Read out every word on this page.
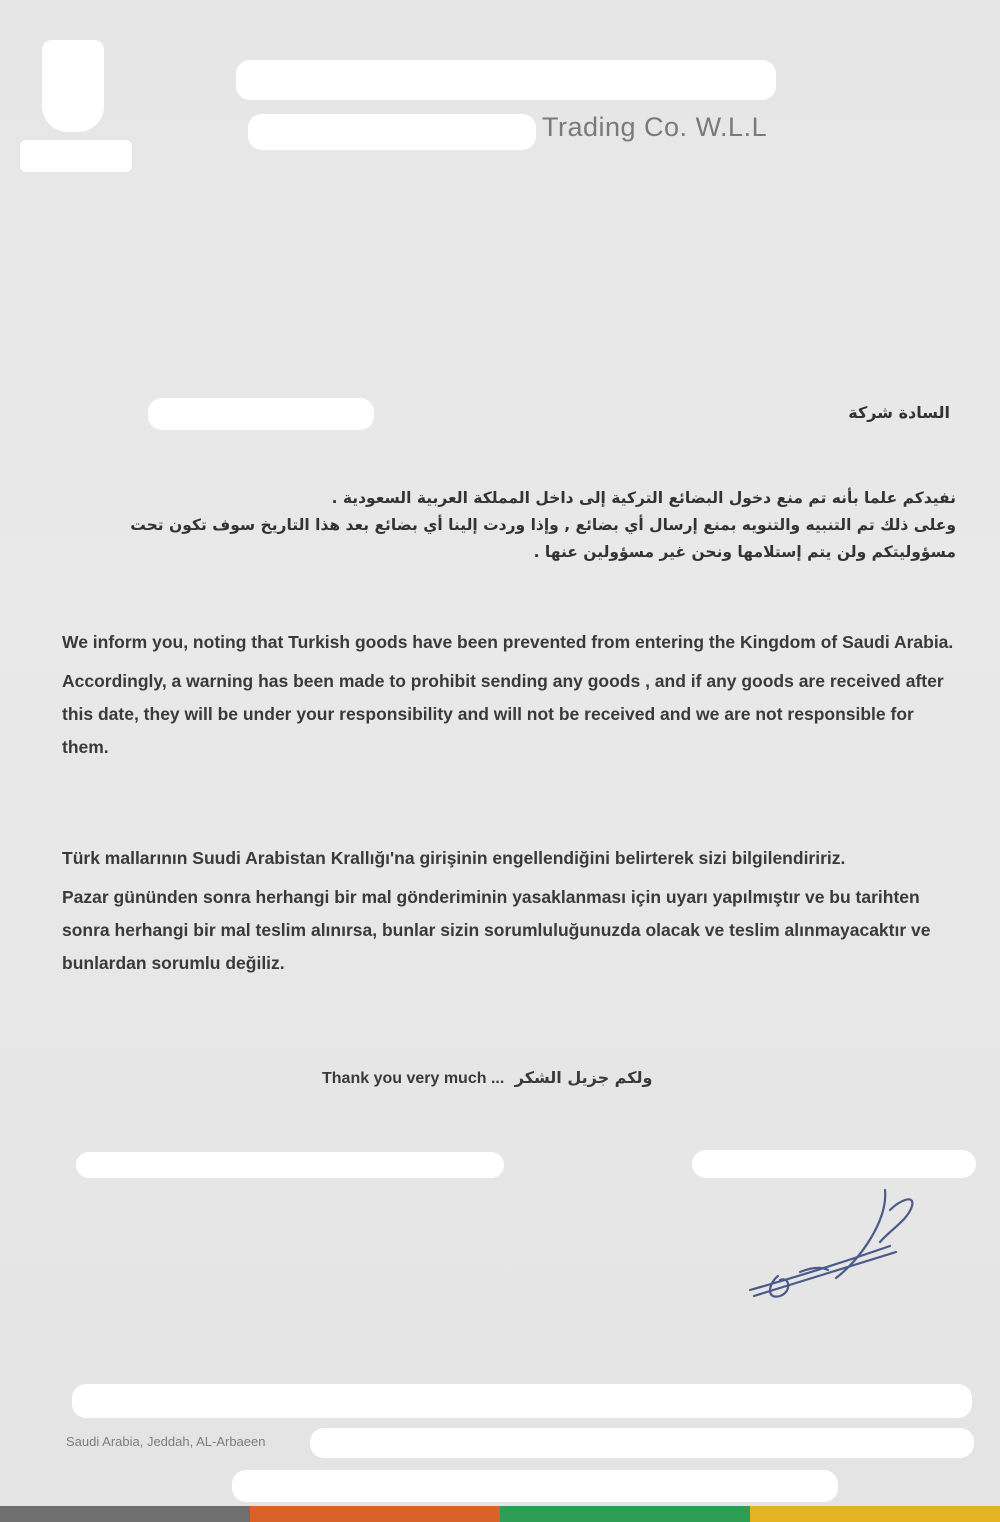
Trading Co. W.L.L
السادة شركة

نفيدكم علما بأنه تم منع دخول البضائع التركية إلى داخل المملكة العربية السعودية .

وعلى ذلك تم التنبيه والتنويه بمنع إرسال أي بضائع , وإذا وردت إلينا أي بضائع بعد هذا التاريخ سوف تكون تحت مسؤوليتكم ولن يتم إستلامها ونحن غير مسؤولين عنها .

We inform you, noting that Turkish goods have been prevented from entering the Kingdom of Saudi Arabia.

Accordingly, a warning has been made to prohibit sending any goods , and if any goods are received after this date, they will be under your responsibility and will not be received and we are not responsible for them.

Türk mallarının Suudi Arabistan Krallığı'na girişinin engellendiğini belirterek sizi bilgilendiririz.

Pazar gününden sonra herhangi bir mal gönderiminin yasaklanması için uyarı yapılmıştır ve bu tarihten sonra herhangi bir mal teslim alınırsa, bunlar sizin sorumluluğunuzda olacak ve teslim alınmayacaktır ve bunlardan sorumlu değiliz.

Thank you very much ... ولكم جزيل الشكر
Saudi Arabia, Jeddah, AL-Arbaeen
